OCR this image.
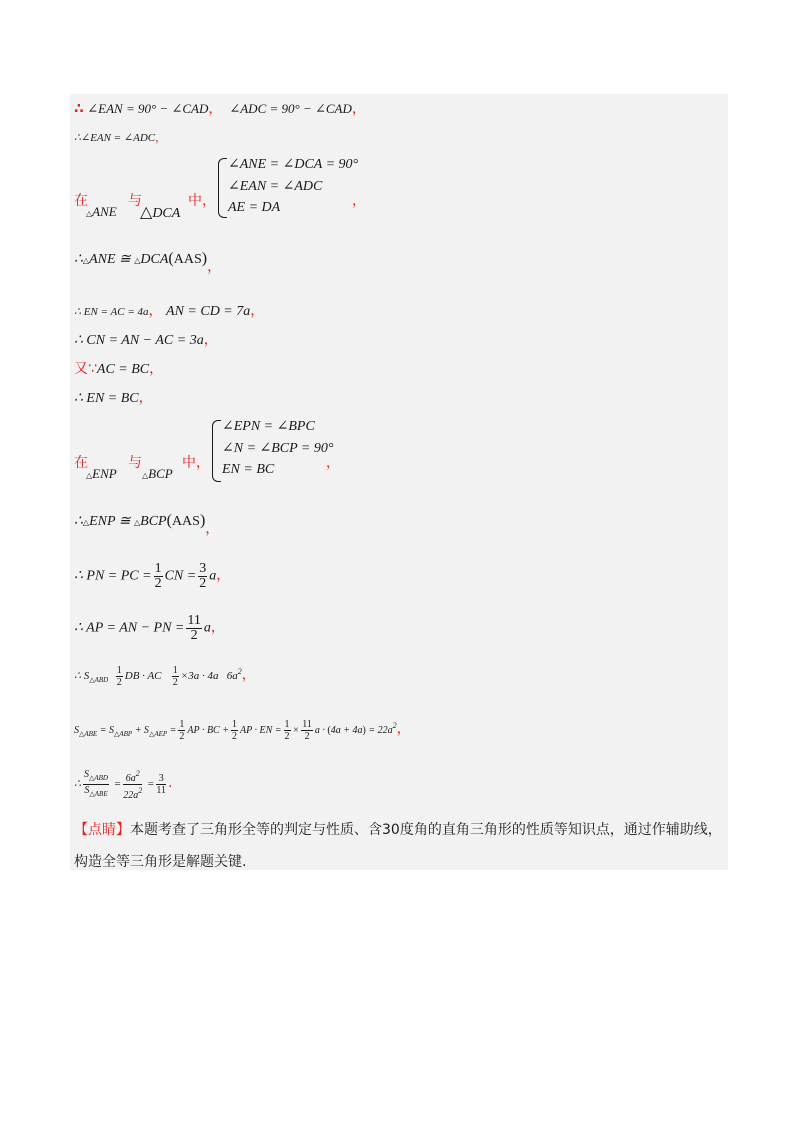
∴ ∠EAN = 90° − ∠CAD， ∠ADC = 90° − ∠CAD，
∴∠EAN = ∠ADC，
在
△ANE
与
△DCA
中，
∠ANE = ∠DCA = 90°
∠EAN = ∠ADC
AE = DA	，
∴△ANE ≅ △DCA(AAS)，
∴ EN = AC = 4a， AN = CD = 7a，
∴ CN = AN − AC = 3a，
又∵AC = BC，
∴ EN = BC，
在
△ENP
与
△BCP
中，
∠EPN = ∠BPC
∠N = ∠BCP = 90°
EN = BC	，
∴△ENP ≅ △BCP(AAS)，
∴ PN = PC = $\frac{1}{2}$ CN = $\frac{3}{2}$ a，
∴ AP = AN − PN = $\frac{11}{2}$ a，
∴ $S_{\triangle ABD} \frac{1}{2}$ DB · AC $\frac{1}{2} \times 3a \cdot 4a$   $6a^2$，
$S_{\triangle ABE} = S_{\triangle ABP} + S_{\triangle AEP} = \frac{1}{2}$ AP · BC + $\frac{1}{2}$ AP · EN = $\frac{1}{2} \times \frac{11}{2}$ $a \cdot (4a + 4a) = 22a^2$，
∴ $\frac{S_{\triangle ABD}}{S_{\triangle ABE}} = \frac{6a^2}{22a^2} = \frac{3}{11}$ .
【点睛】本题考查了三角形全等的判定与性质、含30度角的直角三角形的性质等知识点，通过作辅助线，构造全等三角形是解题关键.
